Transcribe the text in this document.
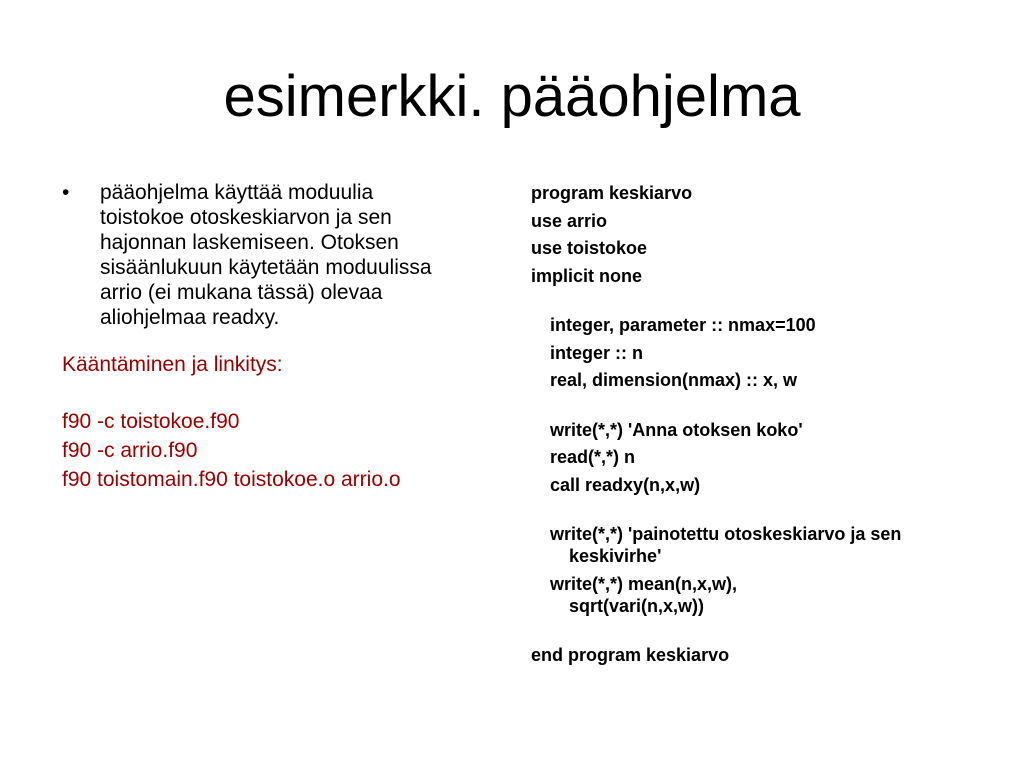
esimerkki. pääohjelma

• pääohjelma käyttää moduulia toistokoe otoskeskiarvon ja sen hajonnan laskemiseen. Otoksen sisäänlukuun käytetään moduulissa arrio (ei mukana tässä) olevaa aliohjelmaa readxy.

Kääntäminen ja linkitys:

f90 -c toistokoe.f90

f90 -c arrio.f90

f90 toistomain.f90 toistokoe.o arrio.o

program keskiarvo

use arrio

use toistokoe

implicit none

integer, parameter :: nmax=100

integer :: n

real, dimension(nmax) :: x, w

write(*,*) 'Anna otoksen koko'

read(*,*) n

call readxy(n,x,w)

write(*,*) 'painotettu otoskeskiarvo ja sen keskivirhe'

write(*,*) mean(n,x,w), sqrt(vari(n,x,w))

end program keskiarvo
